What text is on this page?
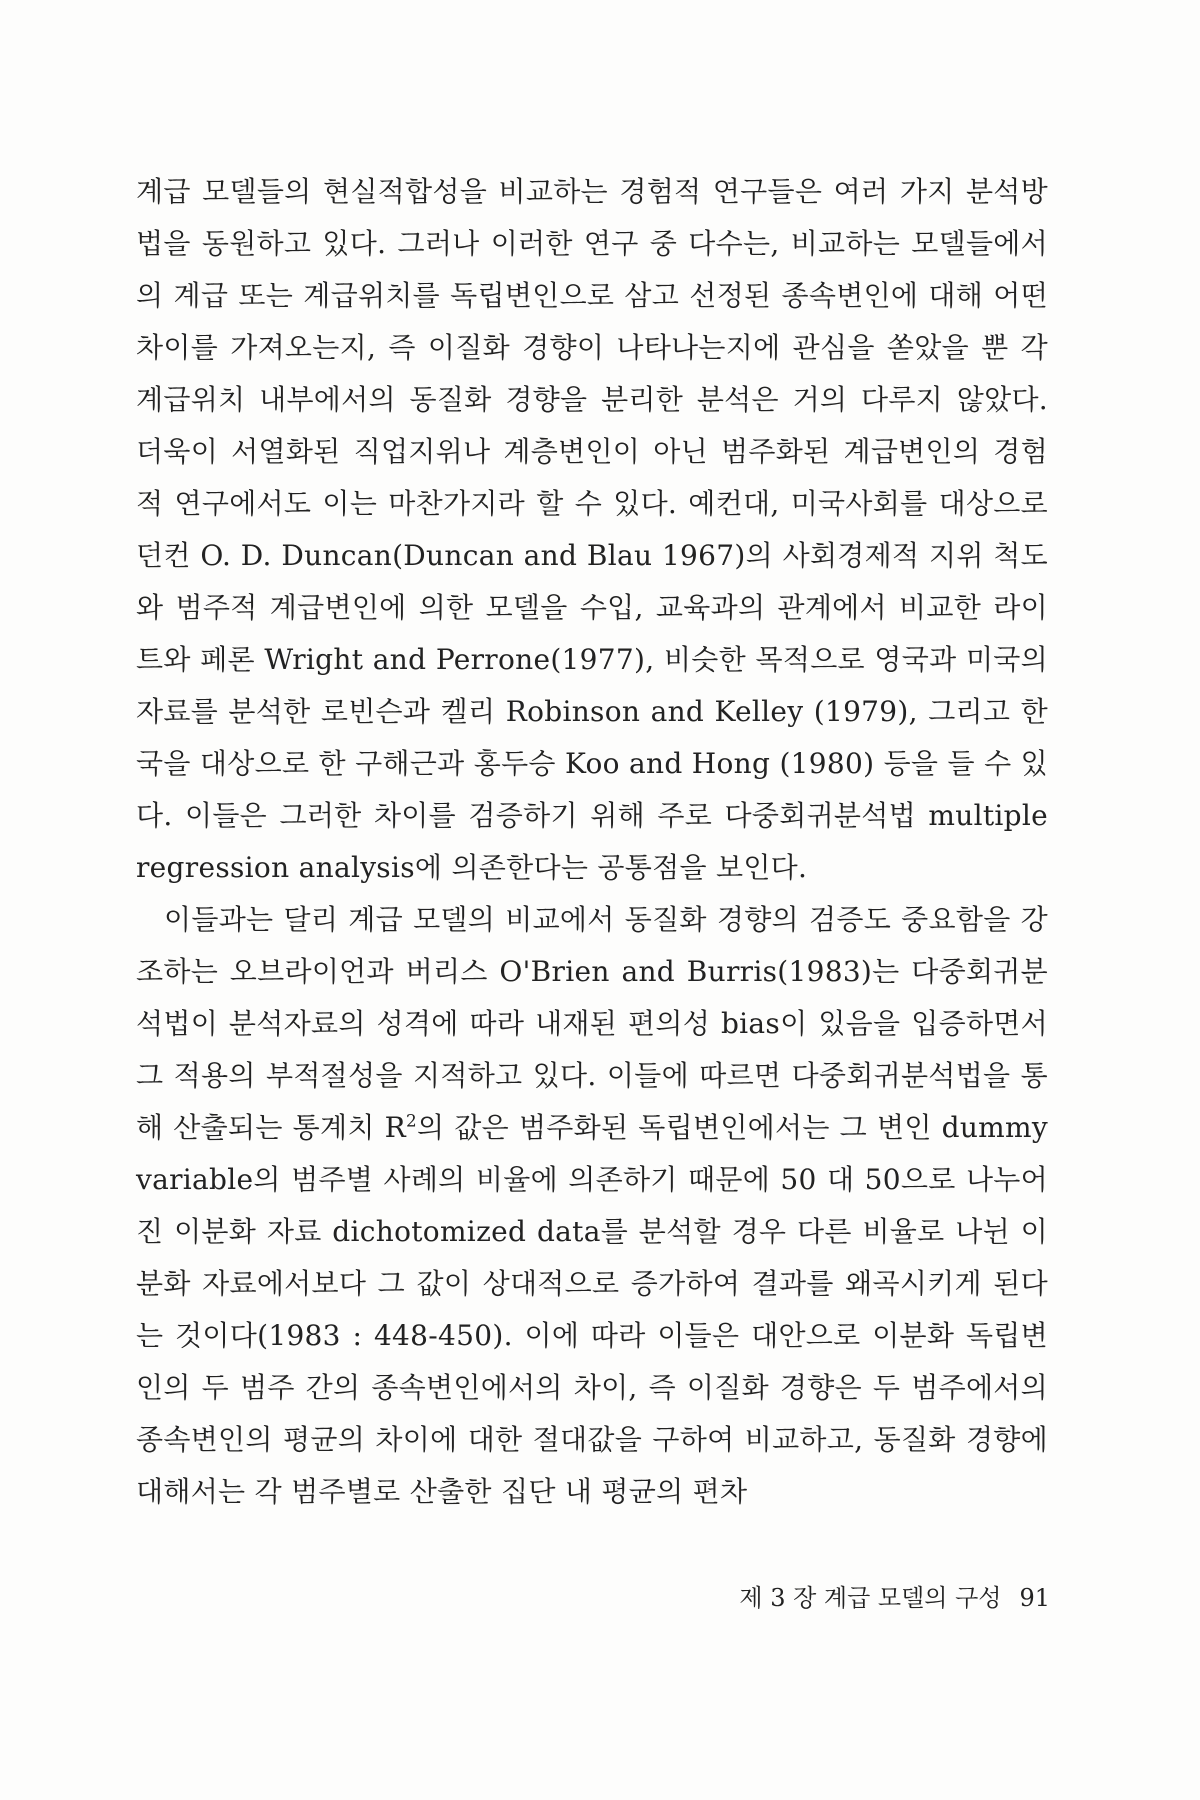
계급 모델들의 현실적합성을 비교하는 경험적 연구들은 여러 가지 분석방법을 동원하고 있다. 그러나 이러한 연구 중 다수는, 비교하는 모델들에서의 계급 또는 계급위치를 독립변인으로 삼고 선정된 종속변인에 대해 어떤 차이를 가져오는지, 즉 이질화 경향이 나타나는지에 관심을 쏟았을 뿐 각 계급위치 내부에서의 동질화 경향을 분리한 분석은 거의 다루지 않았다. 더욱이 서열화된 직업지위나 계층변인이 아닌 범주화된 계급변인의 경험적 연구에서도 이는 마찬가지라 할 수 있다. 예컨대, 미국사회를 대상으로 던컨 O. D. Duncan(Duncan and Blau 1967)의 사회경제적 지위 척도와 범주적 계급변인에 의한 모델을 수입, 교육과의 관계에서 비교한 라이트와 페론 Wright and Perrone(1977), 비슷한 목적으로 영국과 미국의 자료를 분석한 로빈슨과 켈리 Robinson and Kelley (1979), 그리고 한국을 대상으로 한 구해근과 홍두승 Koo and Hong (1980) 등을 들 수 있다. 이들은 그러한 차이를 검증하기 위해 주로 다중회귀분석법 multiple regression analysis에 의존한다는 공통점을 보인다.

이들과는 달리 계급 모델의 비교에서 동질화 경향의 검증도 중요함을 강조하는 오브라이언과 버리스 O'Brien and Burris(1983)는 다중회귀분석법이 분석자료의 성격에 따라 내재된 편의성 bias이 있음을 입증하면서 그 적용의 부적절성을 지적하고 있다. 이들에 따르면 다중회귀분석법을 통해 산출되는 통계치 $R^2$의 값은 범주화된 독립변인에서는 그 변인 dummy variable의 범주별 사례의 비율에 의존하기 때문에 50 대 50으로 나누어진 이분화 자료 dichotomized data를 분석할 경우 다른 비율로 나뉜 이분화 자료에서보다 그 값이 상대적으로 증가하여 결과를 왜곡시키게 된다는 것이다(1983 : 448-450). 이에 따라 이들은 대안으로 이분화 독립변인의 두 범주 간의 종속변인에서의 차이, 즉 이질화 경향은 두 범주에서의 종속변인의 평균의 차이에 대한 절대값을 구하여 비교하고, 동질화 경향에 대해서는 각 범주별로 산출한 집단 내 평균의 편차

제 3 장 계급 모델의 구성 91
